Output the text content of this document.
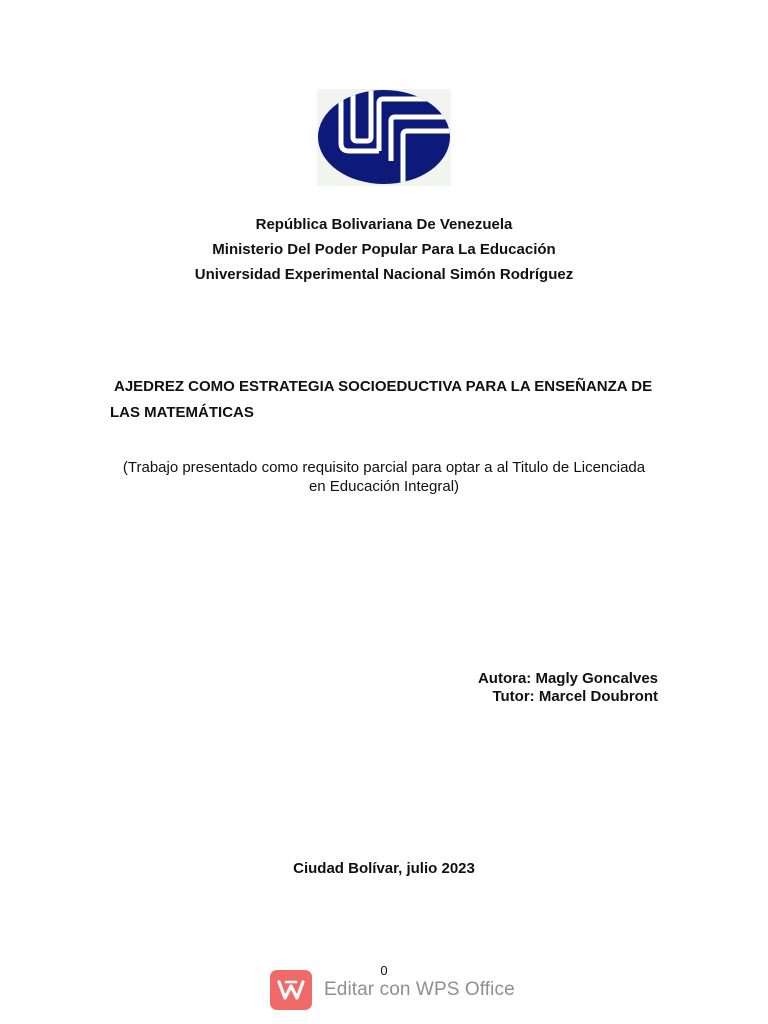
República Bolivariana De Venezuela
Ministerio Del Poder Popular Para La Educación
Universidad Experimental Nacional Simón Rodríguez
AJEDREZ COMO ESTRATEGIA SOCIOEDUCTIVA PARA LA ENSEÑANZA DE
LAS MATEMÁTICAS
(Trabajo presentado como requisito parcial para optar a al Titulo de Licenciada
en Educación Integral)
Autora: Magly Goncalves
Tutor: Marcel Doubront
Ciudad Bolívar, julio 2023
0
Editar con WPS Office
